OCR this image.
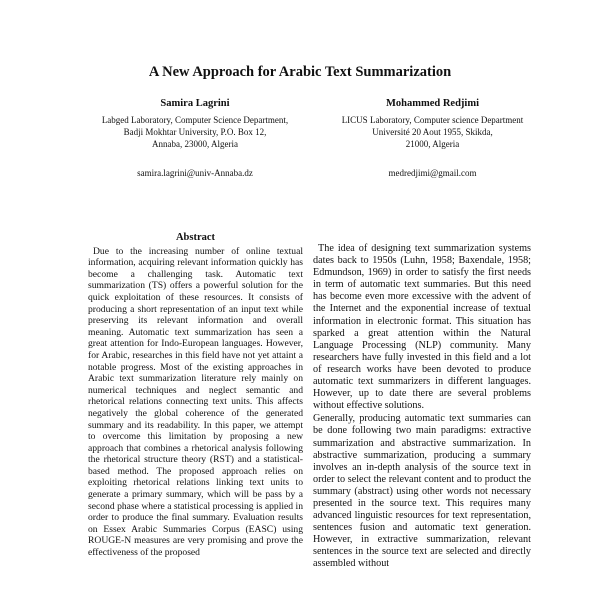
A New Approach for Arabic Text Summarization
Samira Lagrini
Labged Laboratory, Computer Science Department,
Badji Mokhtar University, P.O. Box 12,
Annaba, 23000, Algeria
samira.lagrini@univ-Annaba.dz
Mohammed Redjimi
LICUS Laboratory, Computer science Department
Université 20 Aout 1955, Skikda,
21000, Algeria
medredjimi@gmail.com
Abstract

Due to the increasing number of online textual information, acquiring relevant information quickly has become a challenging task. Automatic text summarization (TS) offers a powerful solution for the quick exploitation of these resources. It consists of producing a short representation of an input text while preserving its relevant information and overall meaning. Automatic text summarization has seen a great attention for Indo-European languages. However, for Arabic, researches in this field have not yet attaint a notable progress. Most of the existing approaches in Arabic text summarization literature rely mainly on numerical techniques and neglect semantic and rhetorical relations connecting text units. This affects negatively the global coherence of the generated summary and its readability. In this paper, we attempt to overcome this limitation by proposing a new approach that combines a rhetorical analysis following the rhetorical structure theory (RST) and a statistical-based method. The proposed approach relies on exploiting rhetorical relations linking text units to generate a primary summary, which will be pass by a second phase where a statistical processing is applied in order to produce the final summary. Evaluation results on Essex Arabic Summaries Corpus (EASC) using ROUGE-N measures are very promising and prove the effectiveness of the proposed

The idea of designing text summarization systems dates back to 1950s (Luhn, 1958; Baxendale, 1958; Edmundson, 1969) in order to satisfy the first needs in term of automatic text summaries. But this need has become even more excessive with the advent of the Internet and the exponential increase of textual information in electronic format. This situation has sparked a great attention within the Natural Language Processing (NLP) community. Many researchers have fully invested in this field and a lot of research works have been devoted to produce automatic text summarizers in different languages. However, up to date there are several problems without effective solutions.

Generally, producing automatic text summaries can be done following two main paradigms: extractive summarization and abstractive summarization. In abstractive summarization, producing a summary involves an in-depth analysis of the source text in order to select the relevant content and to product the summary (abstract) using other words not necessary presented in the source text. This requires many advanced linguistic resources for text representation, sentences fusion and automatic text generation. However, in extractive summarization, relevant sentences in the source text are selected and directly assembled without
